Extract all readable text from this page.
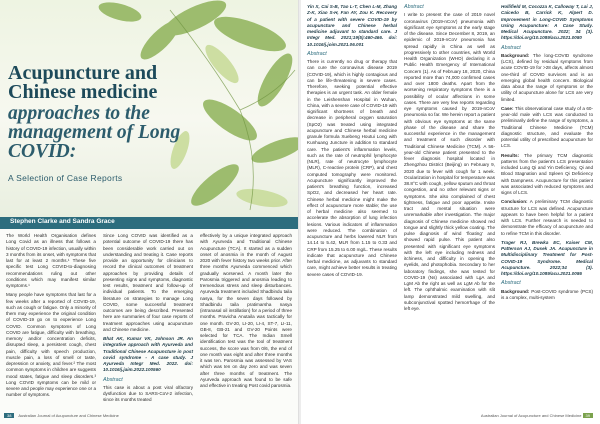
Acupuncture and Chinese medicine
approaches to the management of Long COVID:

A Selection of Case Reports

Stephen Clarke and Sandra Grace

The World Health Organisation defines Long Covid as an illness that follows a history of COVID-19 infection, usually within 3 months from its onset, with symptoms that last for at least 2 months.¹ These five specific test Long COVID-to-diagnosing recommendations ruling out other conditions which may manifest similar symptoms.¹

Many people have symptoms that last for a few weeks after a reported of COVID-19, such as cough or fatigue. Only a minority of them may experience the original condition of COVID-19 go on to experience Long COVID. Common symptoms of Long COVID are fatigue, difficulty with breathing, memory and/or concentration deficits, disrupted sleep, a persistent cough, chest pain, difficulty with speech production, muscle pain, a loss of smell or taste, depression or anxiety, and fever.² The most common symptoms in children are suggests mood states, fatigue and sleep disorders.³ Long COVID symptoms can be mild or severe and people may experience one or a number of symptoms.

Since Long COVID was identified as a potential outcome of COVID-19 there has been considerable work carried out on understanding and treating it. Case reports provide an opportunity for clinicians to record the clinical outcomes of treatment approaches by providing details of presenting signs and symptoms, diagnostic test results, treatment and follow-up of individual patients. To the emerging literature on strategies to manage Long COVID, some successful treatment outcomes are being described. Presented here are summaries of four case reports of treatment approaches using acupuncture and Chinese medicine.

Bhat AK, Kumar VK, Johnson JR. An integrative approach with Ayurveda and Traditional Chinese Acupuncture in post covid syndrome - A case study. J Ayurveda Integr Med. 2022. doi: 10.1016/j.jaim.2022.100560

Abstract

This case is about a post viral olfactory dysfunction due to SARS-CoV-2 infection, since its months treated

effectively by a unique integrated approach with Ayurveda and Traditional Chinese Acupuncture (TCA). It started as a sudden onset of anosmia in the month of August 2020 with fever history two weeks prior. After three months Ayurveda commenced which gradually worsened. A month later the Parosmia triggered and anosmia leading to tremendous stress and sleep disturbances. Ayurveda treatment included Shadbindu taila nasya, for the seven days followed by Shadbindu taila pratimarsha nasya (intranasal oil instillation) for a period of three months. Pravicha Anutaila was tactically for one month. GV-20, LI-20, LI-4, ST-7, LI-11, GB-8, GB-21 and GV-20 Points were selected for TCA. The Indian Smell identification test was the tool of treatment success, the score was from 0/6, the end of one month was eight and after three months it was ten. Parosmia was assessed by VAS which was ten on day zero and was seven after three months of treatment. The Ayurveda approach was found to be safe and effective in treating Post covid parosmia.

38 Australian Journal of Acupuncture and Chinese Medicine

Yin X, Cai S-B, Tao L-T, Chen L-M, Zhang Z-K, Xiao S-H, Fan AY, Zou K. Recovery of a patient with severe COVID-19 by acupuncture and Chinese herbal medicine adjuvant to standard care. J Integr Med. 2021;19(5):460-466. doi: 10.1016/j.joim.2021.06.001

Abstract

There is currently no drug or therapy that can cure the coronavirus disease 2019 (COVID-19), which is highly contagious and can be life-threatening in severe cases. Therefore, seeking potential effective therapies is an urgent task. An older female in the Leishenshan Hospital in Wuhan, China, with a severe case of COVID-19 with significant shortness of breath and decrease in peripheral oxygen saturation (SpO2) was treated using integrated acupuncture and Chinese herbal medicine granule formula Xuebeng Houtui Long with Kunhuang Juncture in addition to standard care. The patient's inflammation levels, such as the rate of neutrophil lymphocyte (NLR), rate of neutrocyte lymphocyte (MLR), C-reactive protein (CRP), and chest computed tomography were monitored. Acupuncture significantly improved the patient's breathing function, increased SpO2, and decreased her heart rate. Chinese herbal medicine might make the effect of acupuncture more stable; the use of herbal medicine also seemed to accelerate the absorption of lung infection lesions. Various indicators of inflammation were reduced. The combination of acupuncture and herbs lowered NLR from 14.14 to 5.42, MLR from 1.15 to 0.33 and CRP from 15.25 to 6.00 mg/L. These results indicate that acupuncture and Chinese herbal medicine, as adjuvants to standard care, might achieve better results in treating severe cases of COVID-19.

Abstract

I write to present the case of 2019 novel coronavirus (2019-nCoV) pneumonia with significant eye symptoms at the early stage of the disease. Since December 8, 2019, an epidemic of 2019-nCoV pneumonia has spread rapidly in China as well as progressively to other countries, with World Health Organization (WHO) declaring it a Public Health Emergency of International Concern (1). As of February 18, 2020, China reported more than 74,000 confirmed cases and over 1800 deaths. Apart from the worsening respiratory symptoms there is a possibility of ocular affections in some cases. There are very few reports regarding eye symptoms caused by 2019-nCoV pneumonia so far. We herein report a patient with obvious eye symptoms at the same phase of the disease and share the successful experience in the management and treatment of such disorder with Traditional Chinese Medicine (TCM). A 56-year-old Chinese patient presented to the fever diagnosis hospital located in Zhengzhou District (Beijing) on February 9, 2020 due to fever with cough for 1 week. Ocularization in hospital for temperature was 38.8°C with cough, yellow sputum and throat congestion, and no other relevant signs or symptoms. She also complained of chest tightness, fatigue and poor appetite. Insite tract and mental situation were unremarkable after investigation. The major diagnosis of Chinese medicine showed red tongue and slightly thick yellow coating. The pulse diagnosis of wind ‘floating’ and showed rapid pulse. This patient also presented with significant eye symptoms with the left eye including redness and itchiness, and difficulty in opening the eyelids, and photophobia. Secondary to her laboratory findings, she was tested for COVID-19 (Ns) associated with LgA and LgM Ab the right as well as LgM Ab for the left. The ophthalmic examination with slit lamp demonstrated mild swelling, and subconjunctival spotted hemorrhage of the left eye.

Hollifield M, Cocozza K, Calloway T, Lai J, Caicedo B, Carrick K, Alpert D. Improvement in Long-COVID Symptoms Using Acupuncture: A Case Study. Medical Acupuncture. 2022; 34 (3). https://doi.org/10.1089/acu.2021.0080

Abstract

Background: The long-COVID syndrome (LCS), defined by residual symptoms from acute COVID-19 for >28 days, affects almost one-third of COVID survivors and is an emerging global health concern. Biological data about the range of symptoms or the utility of acupuncture alone for LCS are very limited.

Case: This observational case study of a 60-year-old male with LCS was conducted to preliminarily define the range of symptoms, a Traditional Chinese Medicine (TCM) diagnostic structure, and evaluate the potential utility of prescribed acupuncture for LCS.

Results: The primary TCM diagnostic patterns from the patient's LCS presentation included Lung Qi and Yin Deficiency, Qi and Blood Stagnation and Spleen Qi Deficiency with Dampness. Acupuncture for this patient was associated with reduced symptoms and signs of LCS.

Conclusion: A preliminary TCM diagnostic structure for LCS was defined. Acupuncture appears to have been helpful for a patient with LCS. Further research is needed to demonstrate the efficacy of acupuncture and to refine TCM in this disorder.

Trager RJ, Brewka EC, Kaiser CM, Patterson AJ, Dusek JA. Acupuncture in Multidisciplinary Treatment for Post-COVID-19 Syndrome. Medical Acupuncture. 2022;34 (3). https://doi.org/10.1089/acu.2021.0086

Abstract

Background: Post-COVID syndrome (PCS) is a complex, multi-system

Australian Journal of Acupuncture and Chinese Medicine 39
